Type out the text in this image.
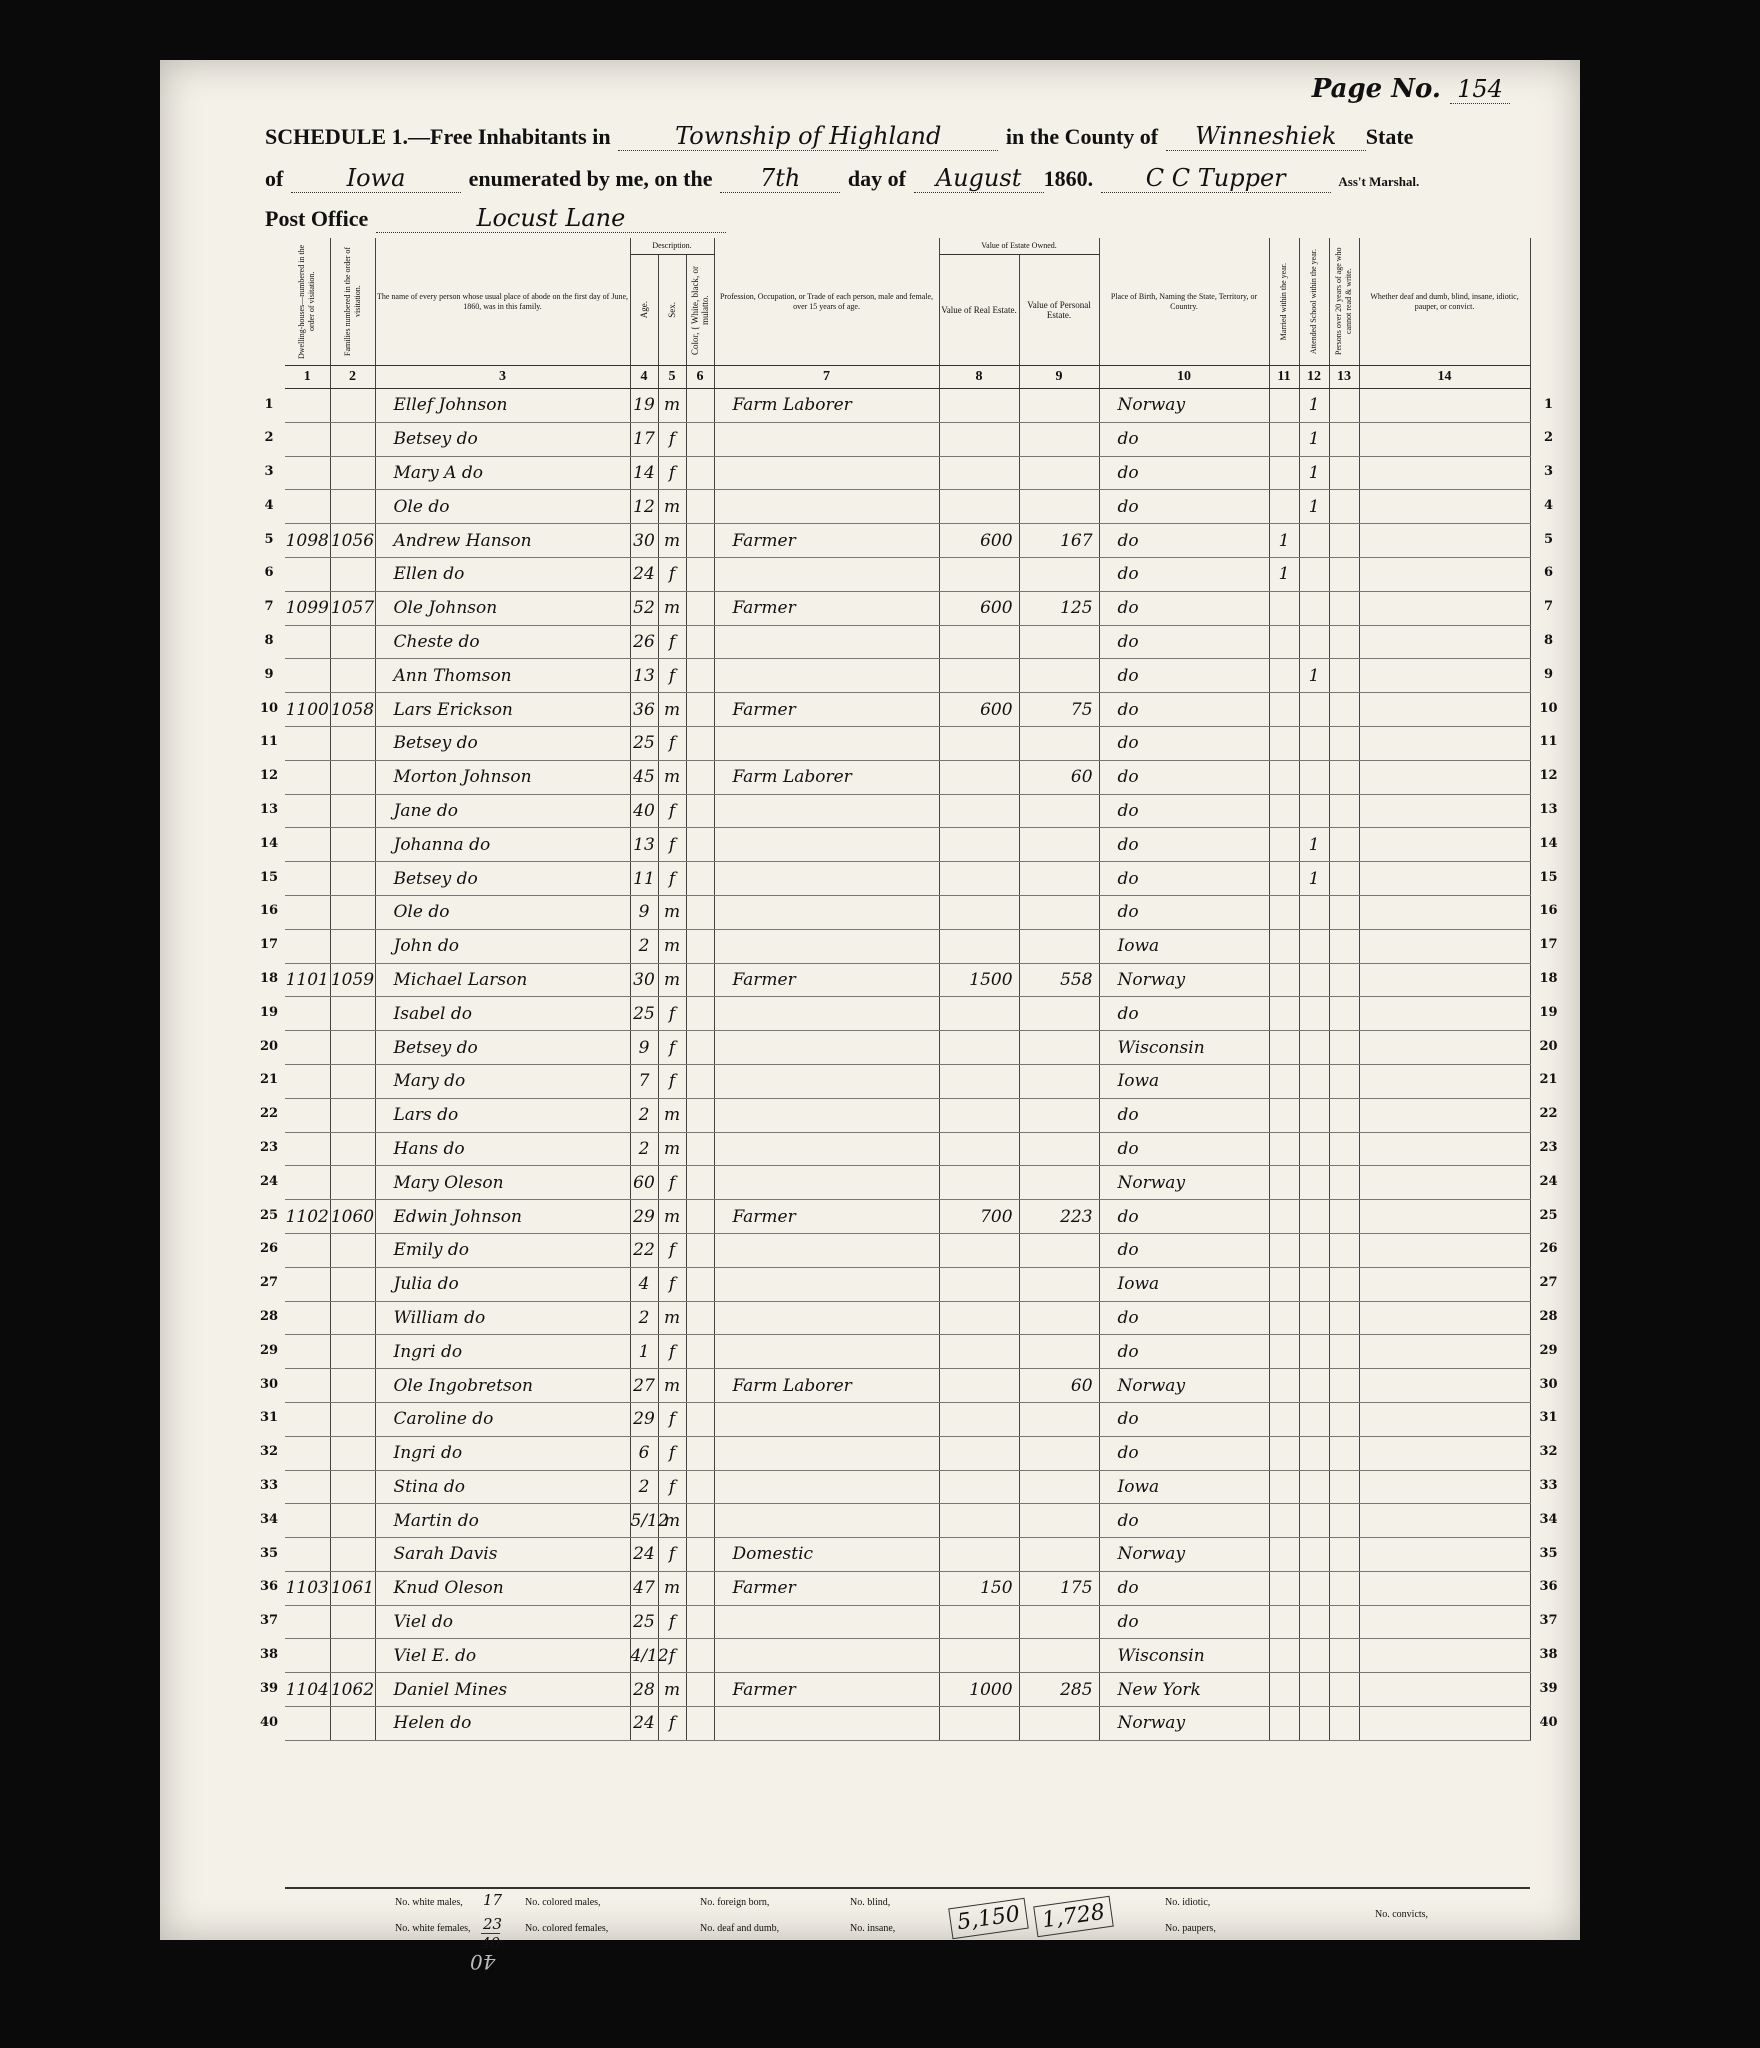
Page No. 154
SCHEDULE 1.—Free Inhabitants in	Township of Highland	in the County of Winneshiek State
of	Iowa	enumerated by me, on the 7th day of August 1860. C C Tupper	Ass't Marshal.
Post Office	Locust Lane
Dwelling-houses—numbered in the order of visitation.	Families numbered in the order of visitation.	The name of every person whose usual place of abode on the first day of June, 1860, was in this family.	Description.			Profession, Occupation, or Trade of each person, male and female, over 15 years of age.	Value of Estate Owned.		Place of Birth, Naming the State, Territory, or Country.	Married within the year.	Attended School within the year.	Persons over 20 years of age who cannot read & write.	Whether deaf and dumb, blind, insane, idiotic, pauper, or convict.

			Age.	Sex.	Color, { White, black, or mulatto.		Value of Real Estate.	Value of Personal Estate.					
1	2	3	4	5	6	7	8	9	10	11	12	13	14
		Ellef Johnson	19	m		Farm Laborer			Norway		1		
		Betsey do	17	f					do		1		
		Mary A do	14	f					do		1		
		Ole do	12	m					do		1		
1098	1056	Andrew Hanson	30	m		Farmer	600	167	do	1			
		Ellen do	24	f					do	1			
1099	1057	Ole Johnson	52	m		Farmer	600	125	do				
		Cheste do	26	f					do				
		Ann Thomson	13	f					do		1		
1100	1058	Lars Erickson	36	m		Farmer	600	75	do				
		Betsey do	25	f					do				
		Morton Johnson	45	m		Farm Laborer		60	do				
		Jane do	40	f					do				
		Johanna do	13	f					do		1		
		Betsey do	11	f					do		1		
		Ole do	9	m					do				
		John do	2	m					Iowa				
1101	1059	Michael Larson	30	m		Farmer	1500	558	Norway				
		Isabel do	25	f					do				
		Betsey do	9	f					Wisconsin				
		Mary do	7	f					Iowa				
		Lars do	2	m					do				
		Hans do	2	m					do				
		Mary Oleson	60	f					Norway				
1102	1060	Edwin Johnson	29	m		Farmer	700	223	do				
		Emily do	22	f					do				
		Julia do	4	f					Iowa				
		William do	2	m					do				
		Ingri do	1	f					do				
		Ole Ingobretson	27	m		Farm Laborer		60	Norway				
		Caroline do	29	f					do				
		Ingri do	6	f					do				
		Stina do	2	f					Iowa				
		Martin do	5/12	m					do				
		Sarah Davis	24	f		Domestic			Norway				
1103	1061	Knud Oleson	47	m		Farmer	150	175	do				
		Viel do	25	f					do				
		Viel E. do	4/12	f					Wisconsin				
1104	1062	Daniel Mines	28	m		Farmer	1000	285	New York				
		Helen do	24	f					Norway				
1
2
3
4
5
6
7
8
9
10
11
12
13
14
15
16
17
18
19
20
21
22
23
24
25
26
27
28
29
30
31
32
33
34
35
36
37
38
39
40
1
2
3
4
5
6
7
8
9
10
11
12
13
14
15
16
17
18
19
20
21
22
23
24
25
26
27
28
29
30
31
32
33
34
35
36
37
38
39
40
No. white males, 17
No. white females, 23
40
No. colored males,
No. colored females,
No. foreign born,
No. deaf and dumb,
No. blind,
No. insane,	5,150 1,728	No. idiotic,
No. paupers,
No. convicts,
40
